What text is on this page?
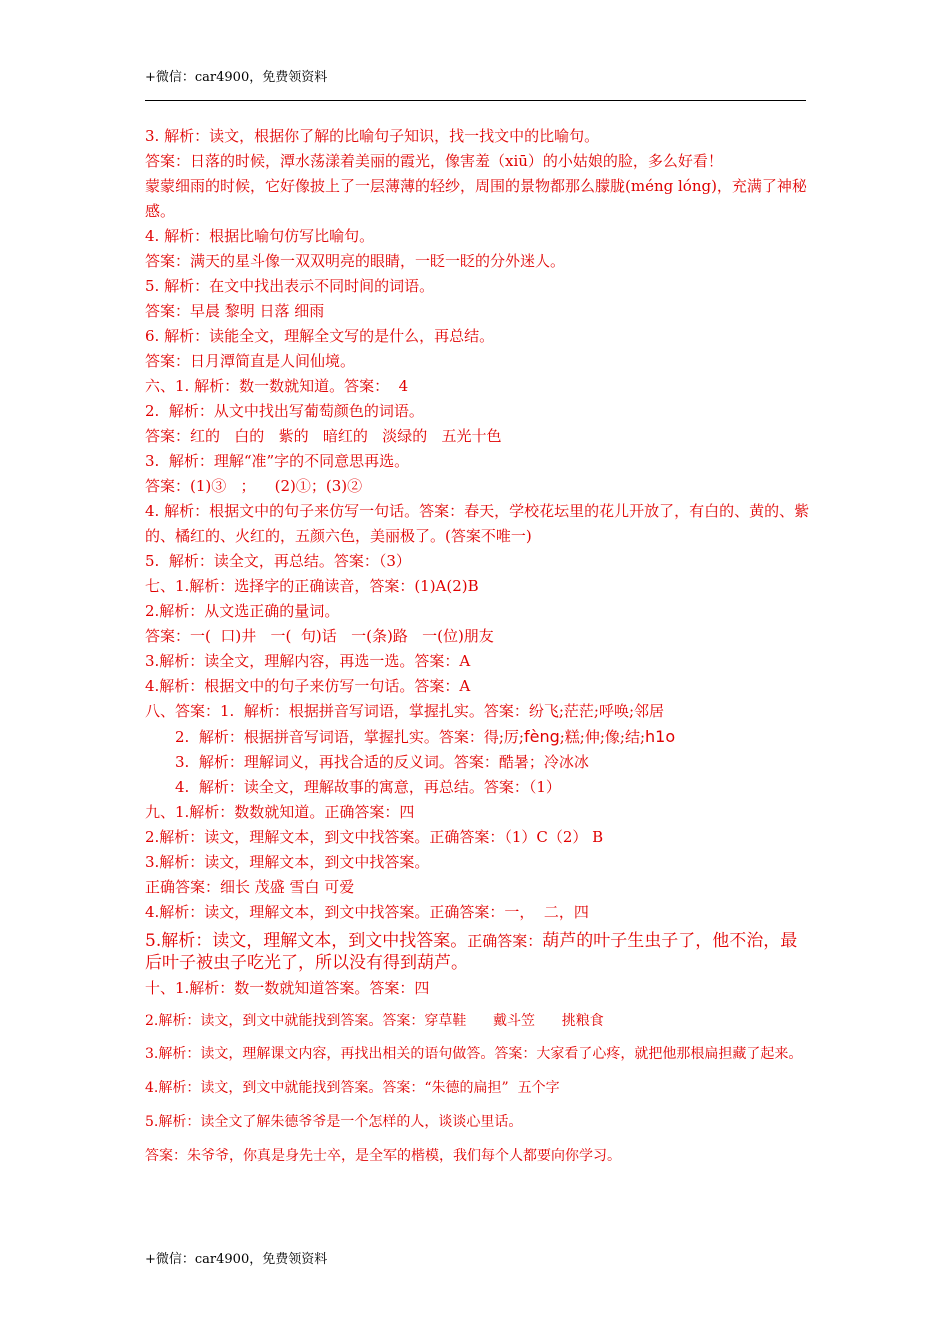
+微信：car4900，免费领资料
3. 解析：读文，根据你了解的比喻句子知识，找一找文中的比喻句。
答案：日落的时候，潭水荡漾着美丽的霞光，像害羞（xiū）的小姑娘的脸，多么好看！
蒙蒙细雨的时候，它好像披上了一层薄薄的轻纱，周围的景物都那么朦胧(méng lóng)，充满了神秘感。
4. 解析：根据比喻句仿写比喻句。
答案：满天的星斗像一双双明亮的眼睛，一眨一眨的分外迷人。
5. 解析：在文中找出表示不同时间的词语。
答案：早晨 黎明 日落 细雨
6. 解析：读能全文，理解全文写的是什么，再总结。
答案：日月潭简直是人间仙境。
六、1. 解析：数一数就知道。答案：  4
2.  解析：从文中找出写葡萄颜色的词语。
答案：红的   白的   紫的   暗红的   淡绿的   五光十色
3.  解析：理解“准”字的不同意思再选。
答案：(1)③   ；    (2)①；(3)②
4. 解析：根据文中的句子来仿写一句话。答案：春天，学校花坛里的花儿开放了，有白的、黄的、紫的、橘红的、火红的，五颜六色，美丽极了。(答案不唯一)
5.  解析：读全文，再总结。答案：（3）
七、1.解析：选择字的正确读音，答案：(1)A(2)B
2.解析：从文选正确的量词。
答案：一(  口)井   一(  句)话   一(条)路   一(位)朋友
3.解析：读全文，理解内容，再选一选。答案：A
4.解析：根据文中的句子来仿写一句话。答案：A
八、答案：1.  解析：根据拼音写词语，掌握扎实。答案：纷飞;茫茫;呼唤;邻居
2.  解析：根据拼音写词语，掌握扎实。答案：得;厉;fèng;糕;伸;像;结;h1o
3.  解析：理解词义，再找合适的反义词。答案：酷暑；冷冰冰
4.  解析：读全文，理解故事的寓意，再总结。答案：（1）
九、1.解析：数数就知道。正确答案：四
2.解析：读文，理解文本，到文中找答案。正确答案：（1）C（2） B
3.解析：读文，理解文本，到文中找答案。
正确答案：细长 茂盛 雪白 可爱
4.解析：读文，理解文本，到文中找答案。正确答案：一，  二，四
5.解析：读文，理解文本，到文中找答案。正确答案：葫芦的叶子生虫子了，他不治，最后叶子被虫子吃光了，所以没有得到葫芦。
十、1.解析：数一数就知道答案。答案：四
2.解析：读文，到文中就能找到答案。答案：穿草鞋      戴斗笠      挑粮食
3.解析：读文，理解课文内容，再找出相关的语句做答。答案：大家看了心疼，就把他那根扁担藏了起来。
4.解析：读文，到文中就能找到答案。答案：“朱德的扁担”  五个字
5.解析：读全文了解朱德爷爷是一个怎样的人，谈谈心里话。
答案：朱爷爷，你真是身先士卒，是全军的楷模，我们每个人都要向你学习。
+微信：car4900，免费领资料
